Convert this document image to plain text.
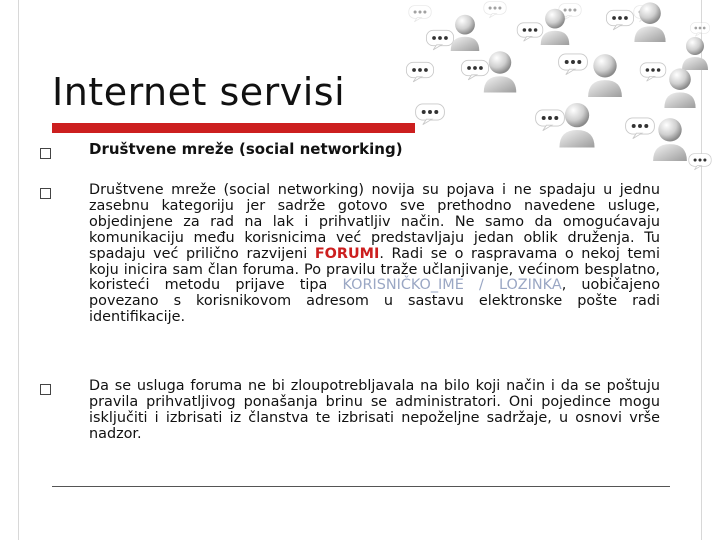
Internet servisi
Društvene mreže (social networking)
Društvene mreže (social networking) novija su pojava i ne spadaju u jednu zasebnu kategoriju jer sadrže gotovo sve prethodno navedene usluge, objedinjene za rad na lak i prihvatljiv način. Ne samo da omogućavaju komunikaciju među korisnicima već predstavljaju jedan oblik druženja. Tu spadaju već prilično razvijeni FORUMI. Radi se o raspravama o nekoj temi koju inicira sam član foruma. Po pravilu traže učlanjivanje, većinom besplatno, koristeći metodu prijave tipa KORISNIČKO_IME / LOZINKA, uobičajeno povezano s korisnikovom adresom u sastavu elektronske pošte radi identifikacije.
Da se usluga foruma ne bi zloupotrebljavala na bilo koji način i da se poštuju pravila prihvatljivog ponašanja brinu se administratori. Oni pojedince mogu isključiti i izbrisati iz članstva te izbrisati nepoželjne sadržaje, u osnovi vrše nadzor.
